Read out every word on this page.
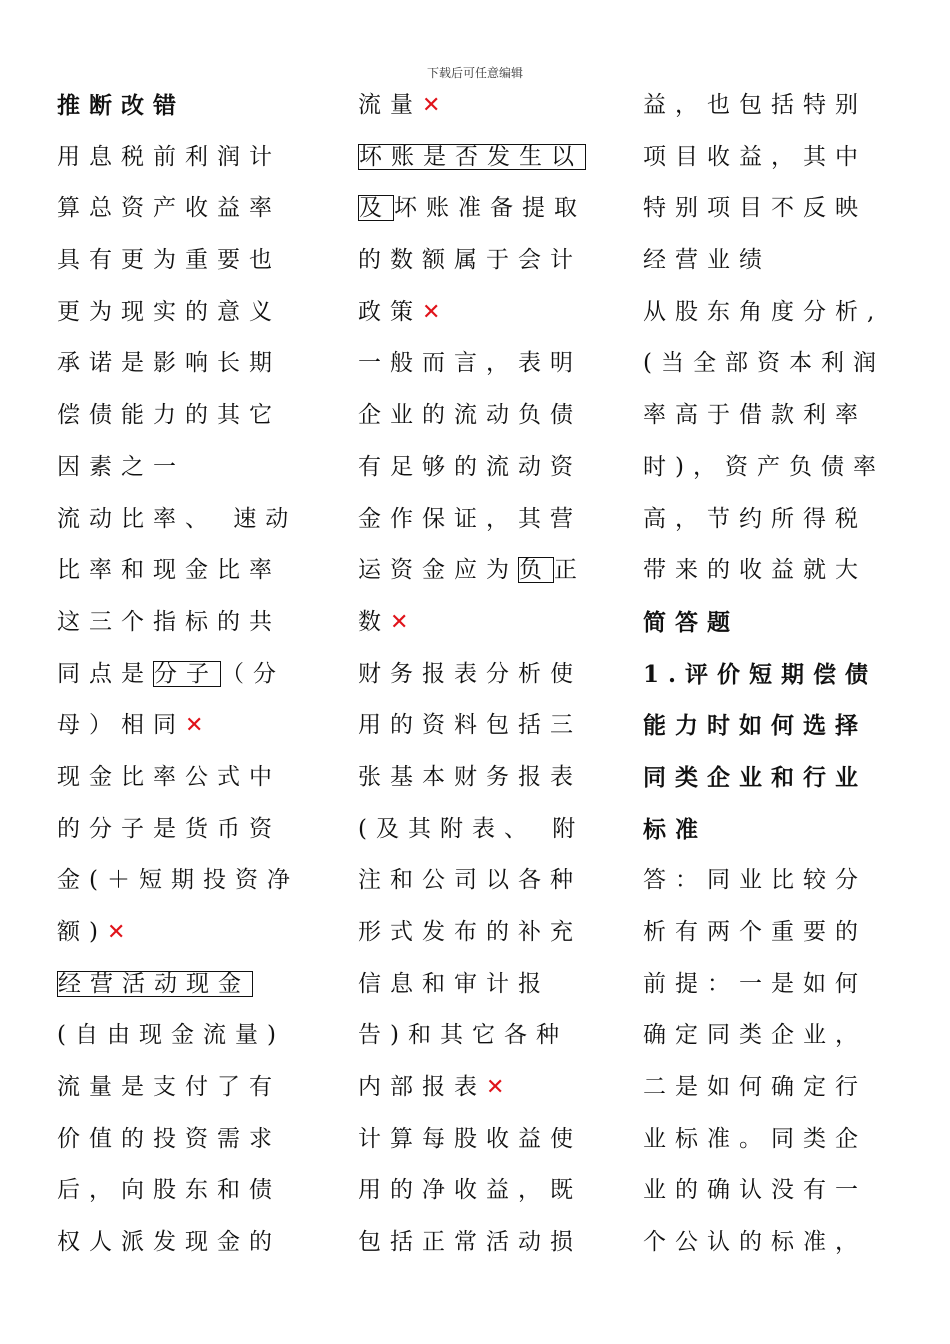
下载后可任意编辑
推断改错
用息税前利润计
算总资产收益率
具有更为重要也
更为现实的意义
承诺是影响长期
偿债能力的其它
因素之一
流动比率、 速动
比率和现金比率
这三个指标的共
同点是分子 （分
母）相同✕
现金比率公式中
的分子是货币资
金(＋短期投资净
额)✕
经营活动现金
(自由现金流量)
流量是支付了有
价值的投资需求
后，向股东和债
权人派发现金的
流量✕
坏账是否发生以
及 坏账准备提取
的数额属于会计
政策✕
一般而言，表明
企业的流动负债
有足够的流动资
金作保证，其营
运资金应为负 正
数✕
财务报表分析使
用的资料包括三
张基本财务报表
(及其附表、 附
注和公司以各种
形式发布的补充
信息和审计报
告)和其它各种
内部报表✕
计算每股收益使
用的净收益，既
包括正常活动损
益，也包括特别
项目收益，其中
特别项目不反映
经营业绩
从股东角度分析,
(当全部资本利润
率高于借款利率
时)，资产负债率
高，节约所得税
带来的收益就大
简答题
1.评价短期偿债
能力时如何选择
同类企业和行业
标准
答：同业比较分
析有两个重要的
前提：一是如何
确定同类企业，
二是如何确定行
业标准。同类企
业的确认没有一
个公认的标准，
